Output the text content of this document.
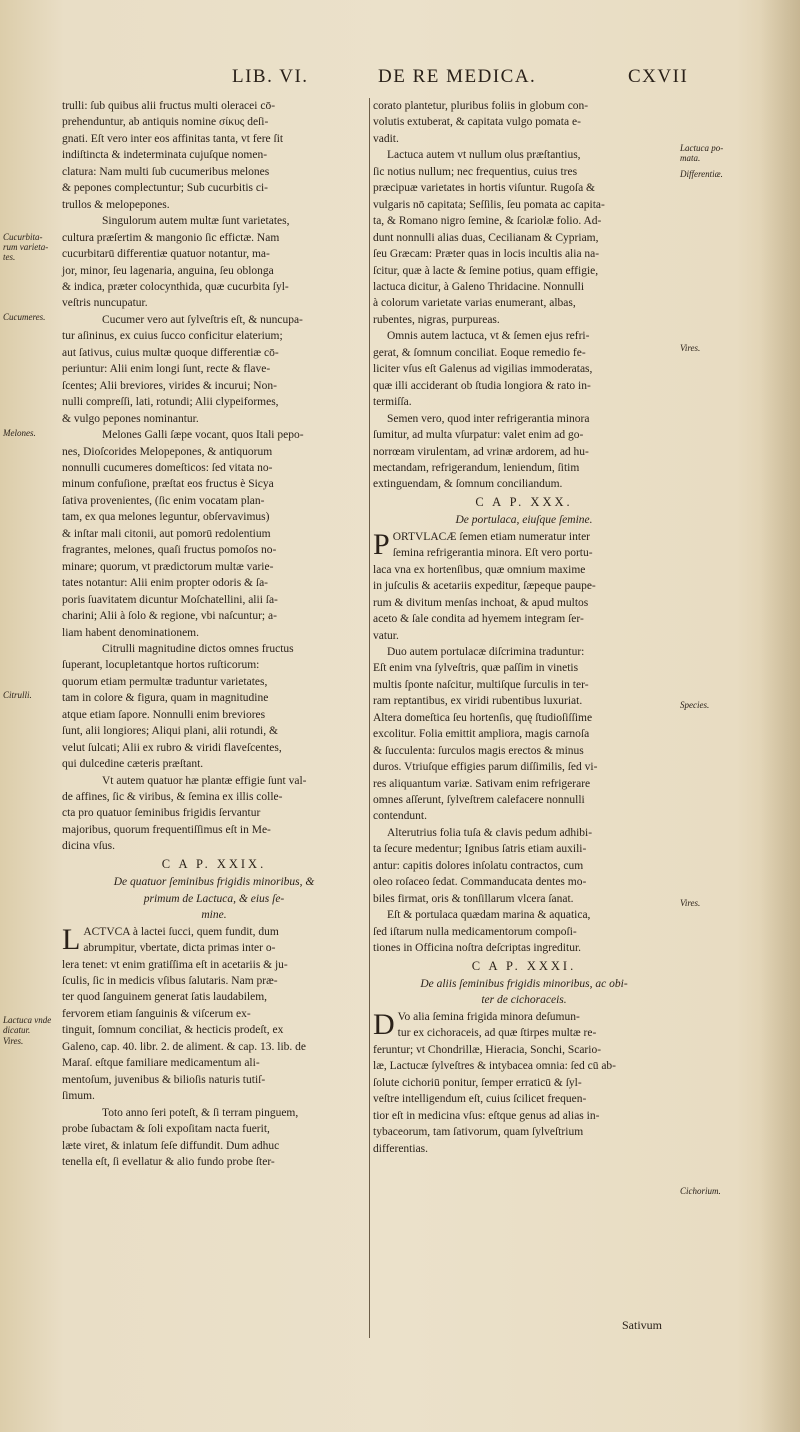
LIB. VI.	DE RE MEDICA.	CXVII

trulli: ſub quibus alii fructus multi oleracei cō-
prehenduntur, ab antiquis nomine σίκυς deſi-
gnati. Eſt vero inter eos affinitas tanta, vt fere ſit
indiſtincta & indeterminata cujuſque nomen-
clatura: Nam multi ſub cucumeribus melones
& pepones complectuntur; Sub cucurbitis ci-
trullos & melopepones.

Singulorum autem multæ ſunt varietates,
cultura præſertim & mangonio ſic effictæ. Nam
cucurbitarū differentiæ quatuor notantur, ma-
jor, minor, ſeu lagenaria, anguina, ſeu oblonga
& indica, præter colocynthida, quæ cucurbita ſyl-
veſtris nuncupatur.

Cucumer vero aut ſylveſtris eſt, & nuncupa-
tur aſininus, ex cuius ſucco conficitur elaterium;
aut ſativus, cuius multæ quoque differentiæ cō-
periuntur: Alii enim longi ſunt, recte & flave-
ſcentes; Alii breviores, virides & incurui; Non-
nulli compreſſi, lati, rotundi; Alii clypeiformes,
& vulgo pepones nominantur.

Melones Galli ſæpe vocant, quos Itali pepo-
nes, Dioſcorides Melopepones, & antiquorum
nonnulli cucumeres domeſticos: ſed vitata no-
minum confuſione, præſtat eos fructus è Sicya
ſativa provenientes, (ſic enim vocatam plan-
tam, ex qua melones leguntur, obſervavimus)
& inſtar mali citonii, aut pomorū redolentium
fragrantes, melones, quaſi fructus pomoſos no-
minare; quorum, vt prædictorum multæ varie-
tates notantur: Alii enim propter odoris & ſa-
poris ſuavitatem dicuntur Moſchatellini, alii ſa-
charini; Alii à ſolo & regione, vbi naſcuntur; a-
liam habent denominationem.

Citrulli magnitudine dictos omnes fructus
ſuperant, locupletantque hortos ruſticorum:
quorum etiam permultæ traduntur varietates,
tam in colore & figura, quam in magnitudine
atque etiam ſapore. Nonnulli enim breviores
ſunt, alii longiores; Aliqui plani, alii rotundi, &
velut ſulcati; Alii ex rubro & viridi flaveſcentes,
qui dulcedine cæteris præſtant.

Vt autem quatuor hæ plantæ effigie ſunt val-
de affines, ſic & viribus, & ſemina ex illis colle-
cta pro quatuor ſeminibus frigidis ſervantur
majoribus, quorum frequentiſſimus eſt in Me-
dicina vſus.

C A P. XXIX.

De quatuor ſeminibus frigidis minoribus, &
primum de Lactuca, & eius ſe-
mine.

LACTVCA à lactei ſucci, quem fundit, dum
abrumpitur, vbertate, dicta primas inter o-
lera tenet: vt enim gratiſſima eſt in acetariis & ju-
ſculis, ſic in medicis vſibus ſalutaris. Nam præ-
ter quod ſanguinem generat ſatis laudabilem,
fervorem etiam ſanguinis & viſcerum ex-
tinguit, ſomnum conciliat, & hecticis prodeſt, ex
Galeno, cap. 40. libr. 2. de aliment. & cap. 13. lib. de
Maraſ. eſtque familiare medicamentum ali-
mentoſum, juvenibus & bilioſis naturis tutiſ-
ſimum.

Toto anno ſeri poteſt, & ſi terram pinguem,
probe ſubactam & ſoli expoſitam nacta fuerit,
læte viret, & inlatum ſeſe diffundit. Dum adhuc
tenella eſt, ſi evellatur & alio fundo probe ſter-

corato plantetur, pluribus foliis in globum con-
volutis extuberat, & capitata vulgo pomata e-
vadit.

Lactuca autem vt nullum olus præſtantius,
ſic notius nullum; nec frequentius, cuius tres
præcipuæ varietates in hortis viſuntur. Rugoſa &
vulgaris nō capitata; Seſſilis, ſeu pomata ac capita-
ta, & Romano nigro ſemine, & ſcariolæ folio. Ad-
dunt nonnulli alias duas, Cecilianam & Cypriam,
ſeu Græcam: Præter quas in locis incultis alia na-
ſcitur, quæ à lacte & ſemine potius, quam effigie,
lactuca dicitur, à Galeno Thridacine. Nonnulli
à colorum varietate varias enumerant, albas,
rubentes, nigras, purpureas.

Omnis autem lactuca, vt & ſemen ejus refri-
gerat, & ſomnum conciliat. Eoque remedio fe-
liciter vſus eſt Galenus ad vigilias immoderatas,
quæ illi acciderant ob ſtudia longiora & rato in-
termiſſa.

Semen vero, quod inter refrigerantia minora
ſumitur, ad multa vſurpatur: valet enim ad go-
norrœam virulentam, ad vrinæ ardorem, ad hu-
mectandam, refrigerandum, leniendum, ſitim
extinguendam, & ſomnum conciliandum.

C A P. XXX.

De portulaca, eiuſque ſemine.

PORTVLACÆ ſemen etiam numeratur inter
ſemina refrigerantia minora. Eſt vero portu-
laca vna ex hortenſibus, quæ omnium maxime
in juſculis & acetariis expeditur, ſæpeque paupe-
rum & divitum menſas inchoat, & apud multos
aceto & ſale condita ad hyemem integram ſer-
vatur.

Duo autem portulacæ diſcrimina traduntur:
Eſt enim vna ſylveſtris, quæ paſſim in vinetis
multis ſponte naſcitur, multiſque ſurculis in ter-
ram reptantibus, ex viridi rubentibus luxuriat.
Altera domeſtica ſeu hortenſis, quę ſtudioſiſſime
excolitur. Folia emittit ampliora, magis carnoſa
& ſucculenta: ſurculos magis erectos & minus
duros. Vtriuſque effigies parum diſſimilis, ſed vi-
res aliquantum variæ. Sativam enim refrigerare
omnes aſſerunt, ſylveſtrem calefacere nonnulli
contendunt.

Alterutrius folia tuſa & clavis pedum adhibi-
ta ſecure medentur; Ignibus ſatris etiam auxili-
antur: capitis dolores inſolatu contractos, cum
oleo roſaceo ſedat. Commanducata dentes mo-
biles firmat, oris & tonſillarum vlcera ſanat.

Eſt & portulaca quædam marina & aquatica,
ſed iſtarum nulla medicamentorum compoſi-
tiones in Officina noſtra deſcriptas ingreditur.

C A P. XXXI.

De aliis ſeminibus frigidis minoribus, ac obi-
ter de cichoraceis.

D Vo alia ſemina frigida minora deſumun-
tur ex cichoraceis, ad quæ ſtirpes multæ re-
feruntur; vt Chondrillæ, Hieracia, Sonchi, Scario-
læ, Lactucæ ſylveſtres & intybacea omnia: ſed cū ab-
ſolute cichoriū ponitur, ſemper erraticū & ſyl-
veſtre intelligendum eſt, cuius ſcilicet frequen-
tior eſt in medicina vſus: eſtque genus ad alias in-
tybaceorum, tam ſativorum, quam ſylveſtrium
differentias.

Sativum
Cucurbita-
rum varieta-
tes.
Cucumeres.
Melones.
Citrulli.
Lactuca vnde
dicatur.
Vires.
Lactuca po-
mata.
Differentiæ.
Vires.
Species.
Vires.
Cichorium.
